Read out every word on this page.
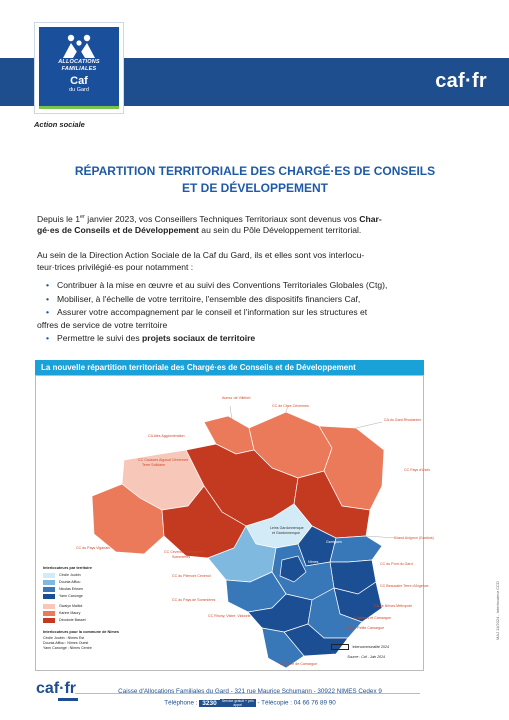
ALLOCATIONS
FAMILIALES
Caf
du Gard	caf·fr
Action sociale
RÉPARTITION TERRITORIALE DES CHARGÉ·ES DE CONSEILS
ET DE DÉVELOPPEMENT
Depuis le 1er janvier 2023, vos Conseillers Techniques Territoriaux sont devenus vos Char-
gé·es de Conseils et de Développement au sein du Pôle Développement territorial.
Au sein de la Direction Action Sociale de la Caf du Gard, ils et elles sont vos interlocu-
teur·trices privilégié·es pour notamment :
• Contribuer à la mise en œuvre et au suivi des Conventions Territoriales Globales (Ctg),
• Mobiliser, à l'échelle de votre territoire, l'ensemble des dispositifs financiers Caf,
• Assurer votre accompagnement par le conseil et l'information sur les structures et
offres de service de votre territoire
• Permettre le suivi des projets sociaux de territoire
La nouvelle répartition territoriale des Chargé·es de Conseils et de Développement
Aumur de Villefort
CC de Cèze Cévennes
CA du Gard Rhodanien
CA Alès Agglomération
CC Causses Aigoual Cévennes
Terre Solidaire
CC Pays d'Uzès
Leins Gardonnenque
et Gardonnenque
CC du Pays Viganais
CC Cévenne Garrigue et
Sommières
Garrigues
Grand Avignon (Gardois)
Nîmes	CC du Pont du Gard
CC du Piémont Cévenol
CC Beaucaire Terre d'Argence
CC du Pays de Sommières
CA de Nîmes Métropole
CC Rhony, Vistre, Vidourle	Costières et Camargue
CC de Petite Camargue
CC Terre de Camargue
Interlocuteurs par territoire
Cécile Joubin
Dounia Afflou
Nicolas Erksen
Yann Canonge
Gwalyn Maillot
Karine Maury
Déodorie Basset
Interlocuteurs pour la commune de Nîmes
Cécile Joubin : Nîmes Est
Dounia Afflou : Nîmes Ouest
Yann Canonge : Nîmes Centre	Intercommunalité 2024
Source : Caf - Juin 2024
MAJ 11/2024 - Interlocuteur CCD
caf·fr	Caisse d'Allocations Familiales du Gard - 321 rue Maurice Schumann - 30922 NIMES Cedex 9
Téléphone : 3230 Service gratuit + prix appel - Télécopie : 04 66 76 89 90
